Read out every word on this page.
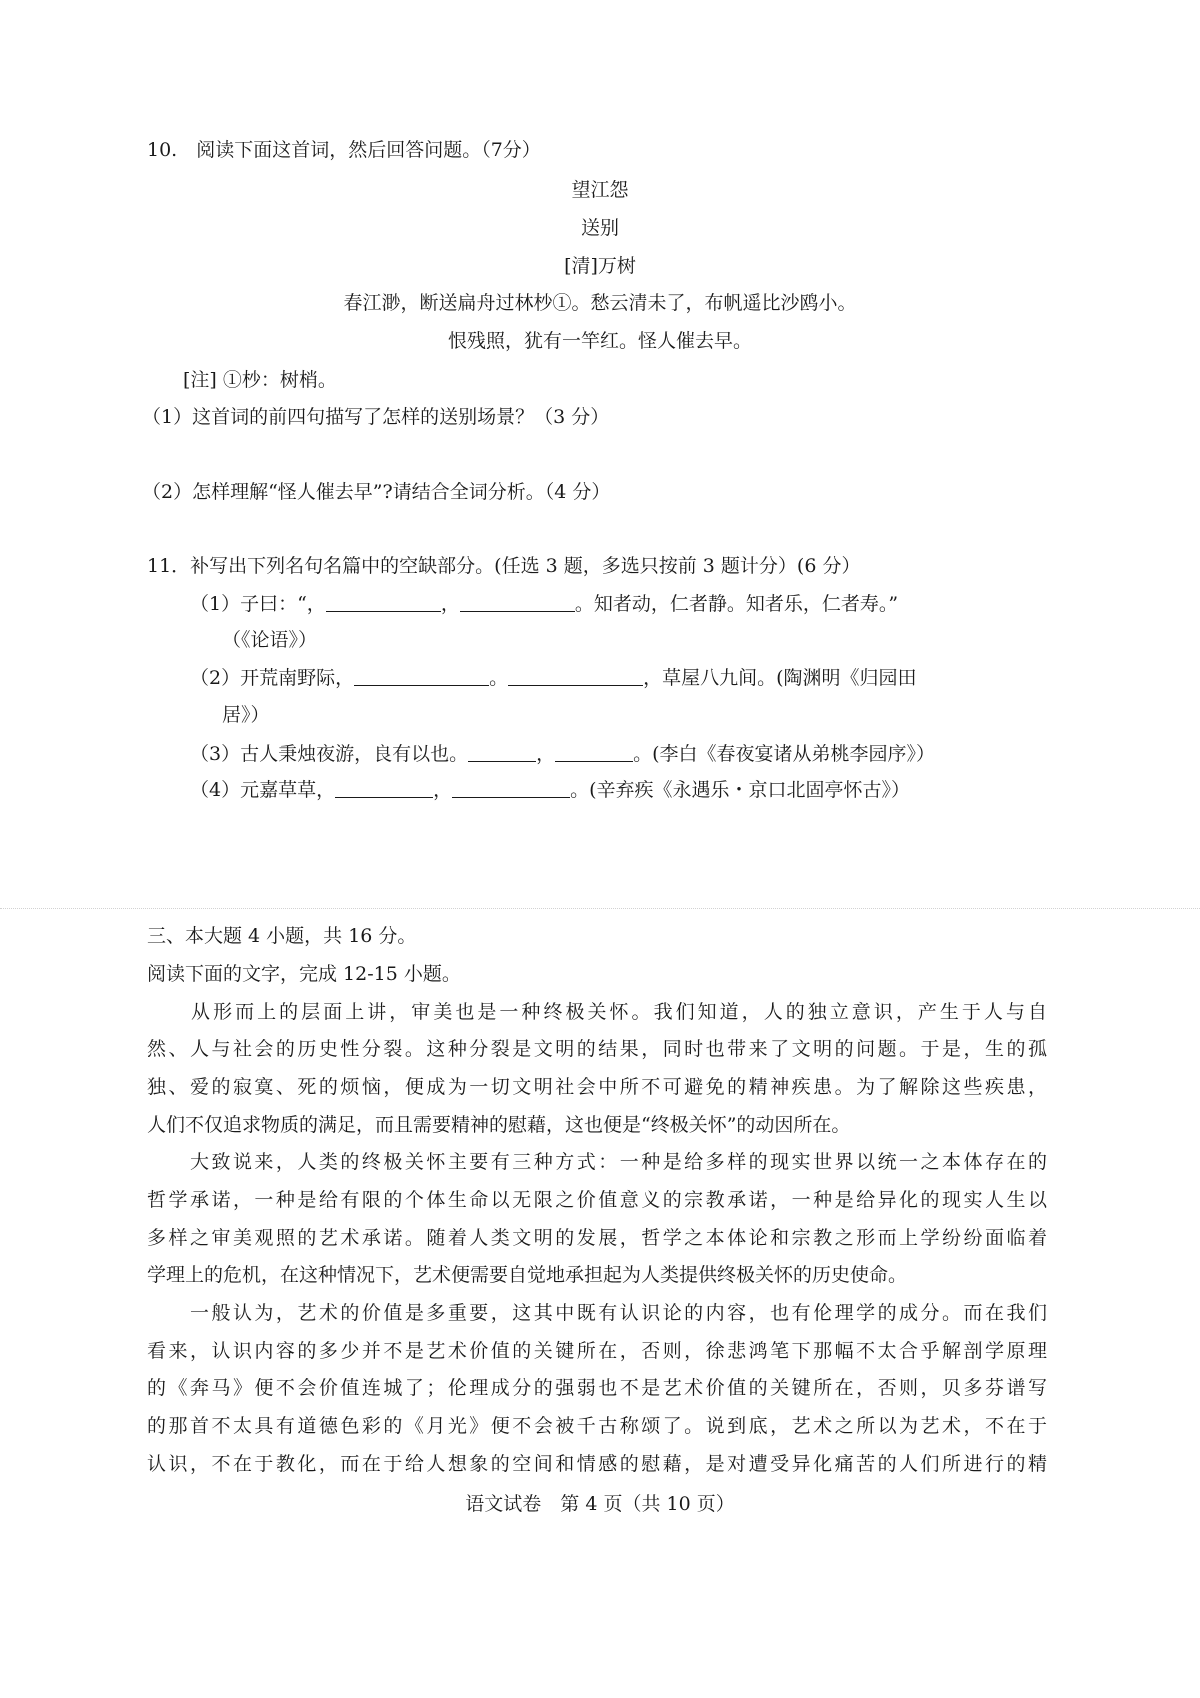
10.　阅读下面这首词，然后回答问题。（7分）
望江怨
送别
[清]万树
春江渺，断送扁舟过林杪①。愁云清未了，布帆遥比沙鸥小。
恨残照，犹有一竿红。怪人催去早。
[注] ①杪：树梢。
（1）这首词的前四句描写了怎样的送别场景？（3 分）
（2）怎样理解“怪人催去早”?请结合全词分析。（4 分）
11．补写出下列名句名篇中的空缺部分。(任选 3 题，多选只按前 3 题计分）(6 分）
（1）子曰：“，	，	。知者动，仁者静。知者乐，仁者寿。”
（《论语》）
（2）开荒南野际，	。	，草屋八九间。(陶渊明《归园田
居》）
（3）古人秉烛夜游，良有以也。	，	。(李白《春夜宴诸从弟桃李园序》）
（4）元嘉草草，	，	。(辛弃疾《永遇乐・京口北固亭怀古》）
三、本大题 4 小题，共 16 分。
阅读下面的文字，完成 12-15 小题。
　　从形而上的层面上讲，审美也是一种终极关怀。我们知道，人的独立意识，产生于人与自
然、人与社会的历史性分裂。这种分裂是文明的结果，同时也带来了文明的问题。于是，生的孤
独、爱的寂寞、死的烦恼，便成为一切文明社会中所不可避免的精神疾患。为了解除这些疾患，
人们不仅追求物质的满足，而且需要精神的慰藉，这也便是“终极关怀”的动因所在。
　　大致说来，人类的终极关怀主要有三种方式：一种是给多样的现实世界以统一之本体存在的
哲学承诺，一种是给有限的个体生命以无限之价值意义的宗教承诺，一种是给异化的现实人生以
多样之审美观照的艺术承诺。随着人类文明的发展，哲学之本体论和宗教之形而上学纷纷面临着
学理上的危机，在这种情况下，艺术便需要自觉地承担起为人类提供终极关怀的历史使命。
　　一般认为，艺术的价值是多重要，这其中既有认识论的内容，也有伦理学的成分。而在我们
看来，认识内容的多少并不是艺术价值的关键所在，否则，徐悲鸿笔下那幅不太合乎解剖学原理
的《奔马》便不会价值连城了；伦理成分的强弱也不是艺术价值的关键所在，否则，贝多芬谱写
的那首不太具有道德色彩的《月光》便不会被千古称颂了。说到底，艺术之所以为艺术，不在于
认识，不在于教化，而在于给人想象的空间和情感的慰藉，是对遭受异化痛苦的人们所进行的精
语文试卷　第 4 页（共 10 页）
